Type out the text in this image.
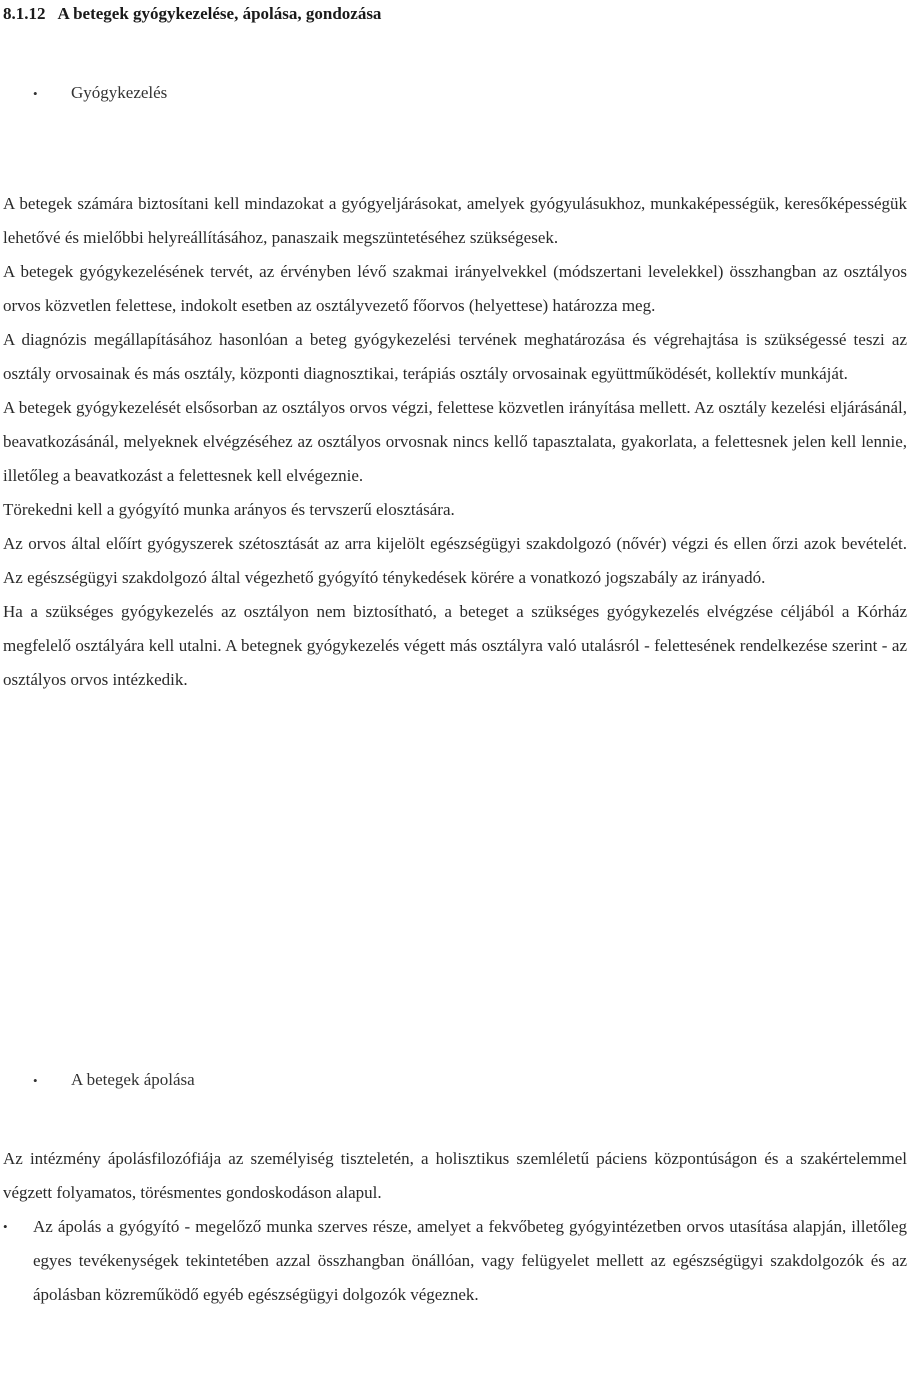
8.1.12 A betegek gyógykezelése, ápolása, gondozása
• Gyógykezelés

A betegek számára biztosítani kell mindazokat a gyógyeljárásokat, amelyek gyógyulásukhoz, munkaképességük, keresőképességük lehetővé és mielőbbi helyreállításához, panaszaik megszüntetéséhez szükségesek.

A betegek gyógykezelésének tervét, az érvényben lévő szakmai irányelvekkel (módszertani levelekkel) összhangban az osztályos orvos közvetlen felettese, indokolt esetben az osztályvezető főorvos (helyettese) határozza meg.

A diagnózis megállapításához hasonlóan a beteg gyógykezelési tervének meghatározása és végrehajtása is szükségessé teszi az osztály orvosainak és más osztály, központi diagnosztikai, terápiás osztály orvosainak együttműködését, kollektív munkáját.

A betegek gyógykezelését elsősorban az osztályos orvos végzi, felettese közvetlen irányítása mellett. Az osztály kezelési eljárásánál, beavatkozásánál, melyeknek elvégzéséhez az osztályos orvosnak nincs kellő tapasztalata, gyakorlata, a felettesnek jelen kell lennie, illetőleg a beavatkozást a felettesnek kell elvégeznie.

Törekedni kell a gyógyító munka arányos és tervszerű elosztására.

Az orvos által előírt gyógyszerek szétosztását az arra kijelölt egészségügyi szakdolgozó (nővér) végzi és ellen őrzi azok bevételét. Az egészségügyi szakdolgozó által végezhető gyógyító ténykedések körére a vonatkozó jogszabály az irányadó.

Ha a szükséges gyógykezelés az osztályon nem biztosítható, a beteget a szükséges gyógykezelés elvégzése céljából a Kórház megfelelő osztályára kell utalni. A betegnek gyógykezelés végett más osztályra való utalásról - felettesének rendelkezése szerint - az osztályos orvos intézkedik.

• A betegek ápolása

Az intézmény ápolásfilozófiája az személyiség tiszteletén, a holisztikus szemléletű páciens központúságon és a szakértelemmel végzett folyamatos, törésmentes gondoskodáson alapul.

• Az ápolás a gyógyító - megelőző munka szerves része, amelyet a fekvőbeteg gyógyintézetben orvos utasítása alapján, illetőleg egyes tevékenységek tekintetében azzal összhangban önállóan, vagy felügyelet mellett az egészségügyi szakdolgozók és az ápolásban közreműködő egyéb egészségügyi dolgozók végeznek.
